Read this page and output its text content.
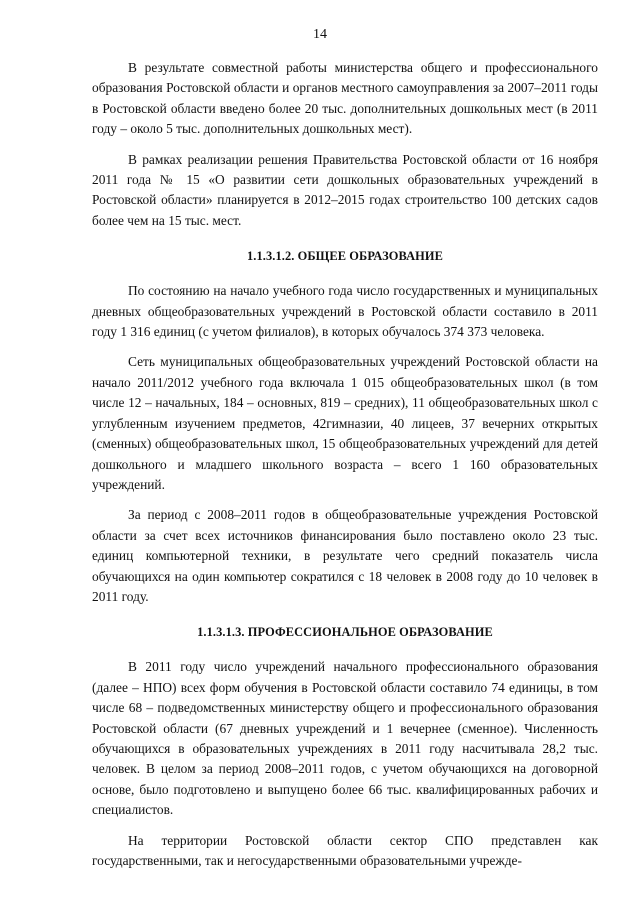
14

В результате совместной работы министерства общего и профессионального образования Ростовской области и органов местного самоуправления за 2007–2011 годы в Ростовской области введено более 20 тыс. дополнительных дошкольных мест (в 2011 году – около 5 тыс. дополнительных дошкольных мест).

В рамках реализации решения Правительства Ростовской области от 16 ноября 2011 года № 15 «О развитии сети дошкольных образовательных учреждений в Ростовской области» планируется в 2012–2015 годах строительство 100 детских садов более чем на 15 тыс. мест.

1.1.3.1.2. ОБЩЕЕ ОБРАЗОВАНИЕ

По состоянию на начало учебного года число государственных и муниципальных дневных общеобразовательных учреждений в Ростовской области составило в 2011 году 1 316 единиц (с учетом филиалов), в которых обучалось 374 373 человека.

Сеть муниципальных общеобразовательных учреждений Ростовской области на начало 2011/2012 учебного года включала 1 015 общеобразовательных школ (в том числе 12 – начальных, 184 – основных, 819 – средних), 11 общеобразовательных школ с углубленным изучением предметов, 42гимназии, 40 лицеев, 37 вечерних открытых (сменных) общеобразовательных школ, 15 общеобразовательных учреждений для детей дошкольного и младшего школьного возраста – всего 1 160 образовательных учреждений.

За период с 2008–2011 годов в общеобразовательные учреждения Ростовской области за счет всех источников финансирования было поставлено около 23 тыс. единиц компьютерной техники, в результате чего средний показатель числа обучающихся на один компьютер сократился с 18 человек в 2008 году до 10 человек в 2011 году.

1.1.3.1.3. ПРОФЕССИОНАЛЬНОЕ ОБРАЗОВАНИЕ

В 2011 году число учреждений начального профессионального образования (далее – НПО) всех форм обучения в Ростовской области составило 74 единицы, в том числе 68 – подведомственных министерству общего и профессионального образования Ростовской области (67 дневных учреждений и 1 вечернее (сменное). Численность обучающихся в образовательных учреждениях в 2011 году насчитывала 28,2 тыс. человек. В целом за период 2008–2011 годов, с учетом обучающихся на договорной основе, было подготовлено и выпущено более 66 тыс. квалифицированных рабочих и специалистов.

На территории Ростовской области сектор СПО представлен как государственными, так и негосударственными образовательными учрежде-
